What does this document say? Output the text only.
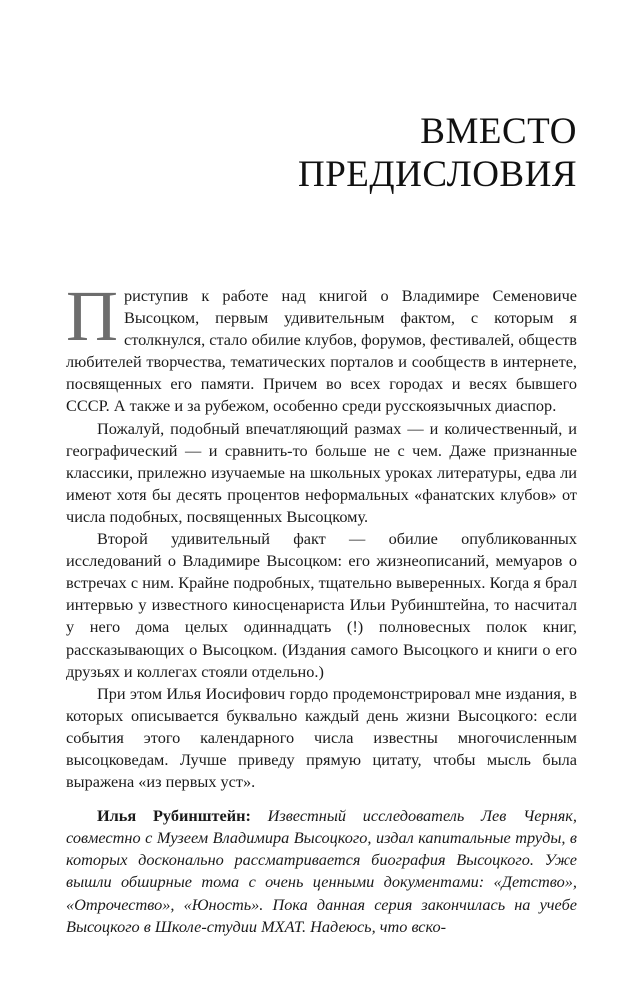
ВМЕСТО
ПРЕДИСЛОВИЯ

Приступив к работе над книгой о Владимире Семеновиче Высоцком, первым удивительным фактом, с которым я столкнулся, стало обилие клубов, форумов, фестивалей, обществ любителей творчества, тематических порталов и сообществ в интернете, посвященных его памяти. Причем во всех городах и весях бывшего СССР. А также и за рубежом, особенно среди русскоязычных диаспор.

Пожалуй, подобный впечатляющий размах — и количественный, и географический — и сравнить-то больше не с чем. Даже признанные классики, прилежно изучаемые на школьных уроках литературы, едва ли имеют хотя бы десять процентов неформальных «фанатских клубов» от числа подобных, посвященных Высоцкому.

Второй удивительный факт — обилие опубликованных исследований о Владимире Высоцком: его жизнеописаний, мемуаров о встречах с ним. Крайне подробных, тщательно выверенных. Когда я брал интервью у известного киносценариста Ильи Рубинштейна, то насчитал у него дома целых одиннадцать (!) полновесных полок книг, рассказывающих о Высоцком. (Издания самого Высоцкого и книги о его друзьях и коллегах стояли отдельно.)

При этом Илья Иосифович гордо продемонстрировал мне издания, в которых описывается буквально каждый день жизни Высоцкого: если события этого календарного числа известны многочисленным высоцковедам. Лучше приведу прямую цитату, чтобы мысль была выражена «из первых уст».

Илья Рубинштейн: Известный исследователь Лев Черняк, совместно с Музеем Владимира Высоцкого, издал капитальные труды, в которых досконально рассматривается биография Высоцкого. Уже вышли обширные тома с очень ценными документами: «Детство», «Отрочество», «Юность». Пока данная серия закончилась на учебе Высоцкого в Школе-студии МХАТ. Надеюсь, что вско-
